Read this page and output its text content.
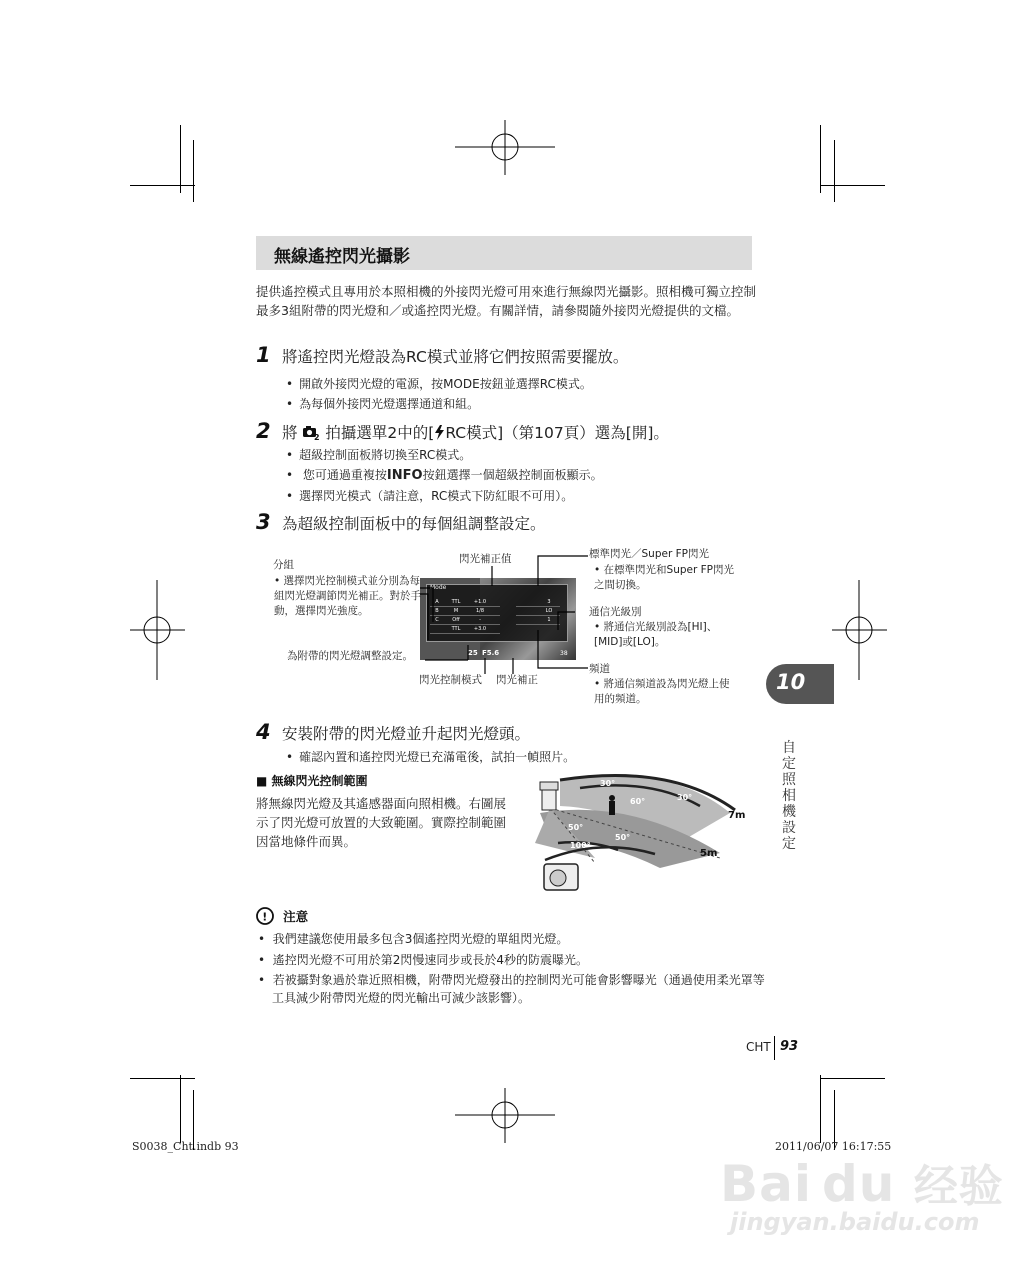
無線遙控閃光攝影
提供遙控模式且專用於本照相機的外接閃光燈可用來進行無線閃光攝影。照相機可獨立控制最多3組附帶的閃光燈和／或遙控閃光燈。有關詳情，請參閱隨外接閃光燈提供的文檔。
1 將遙控閃光燈設為RC模式並將它們按照需要擺放。
• 開啟外接閃光燈的電源，按MODE按鈕並選擇RC模式。
• 為每個外接閃光燈選擇通道和組。
2 將 2 拍攝選單2中的[ RC模式]（第107頁）選為[開]。
• 超級控制面板將切換至RC模式。
• 您可通過重複按INFO按鈕選擇一個超級控制面板顯示。
• 選擇閃光模式（請注意，RC模式下防紅眼不可用）。
3 為超級控制面板中的每個組調整設定。
Mode
A	TTL	+1.0
B	M	1/8
C	Off	-
TTL	+3.0
3
LO
1
25 F5.6	38
分組
• 選擇閃光控制模式並分別為每組閃光燈調節閃光補正。對於手動，選擇閃光強度。
為附帶的閃光燈調整設定。
閃光補正值
閃光控制模式 閃光補正
標準閃光／Super FP閃光
• 在標準閃光和Super FP閃光之間切換。
通信光級別
• 將通信光級別設為[HI]、[MID]或[LO]。
頻道
• 將通信頻道設為閃光燈上使用的頻道。
4 安裝附帶的閃光燈並升起閃光燈頭。
• 確認內置和遙控閃光燈已充滿電後，試拍一幀照片。
■ 無線閃光控制範圍
將無線閃光燈及其遙感器面向照相機。右圖展示了閃光燈可放置的大致範圍。實際控制範圍因當地條件而異。
30°
60°	30°
50°
50°
100°
7m
5m
! 注意
•  我們建議您使用最多包含3個遙控閃光燈的單組閃光燈。
•  遙控閃光燈不可用於第2閃慢速同步或長於4秒的防震曝光。
•  若被攝對象過於靠近照相機，附帶閃光燈發出的控制閃光可能會影響曝光（通過使用柔光罩等工具減少附帶閃光燈的閃光輸出可減少該影響）。
10
自定照相機設定
CHT 93
S0038_Cht.indb 93	2011/06/07 16:17:55
Bai du 经验
jingyan.baidu.com
